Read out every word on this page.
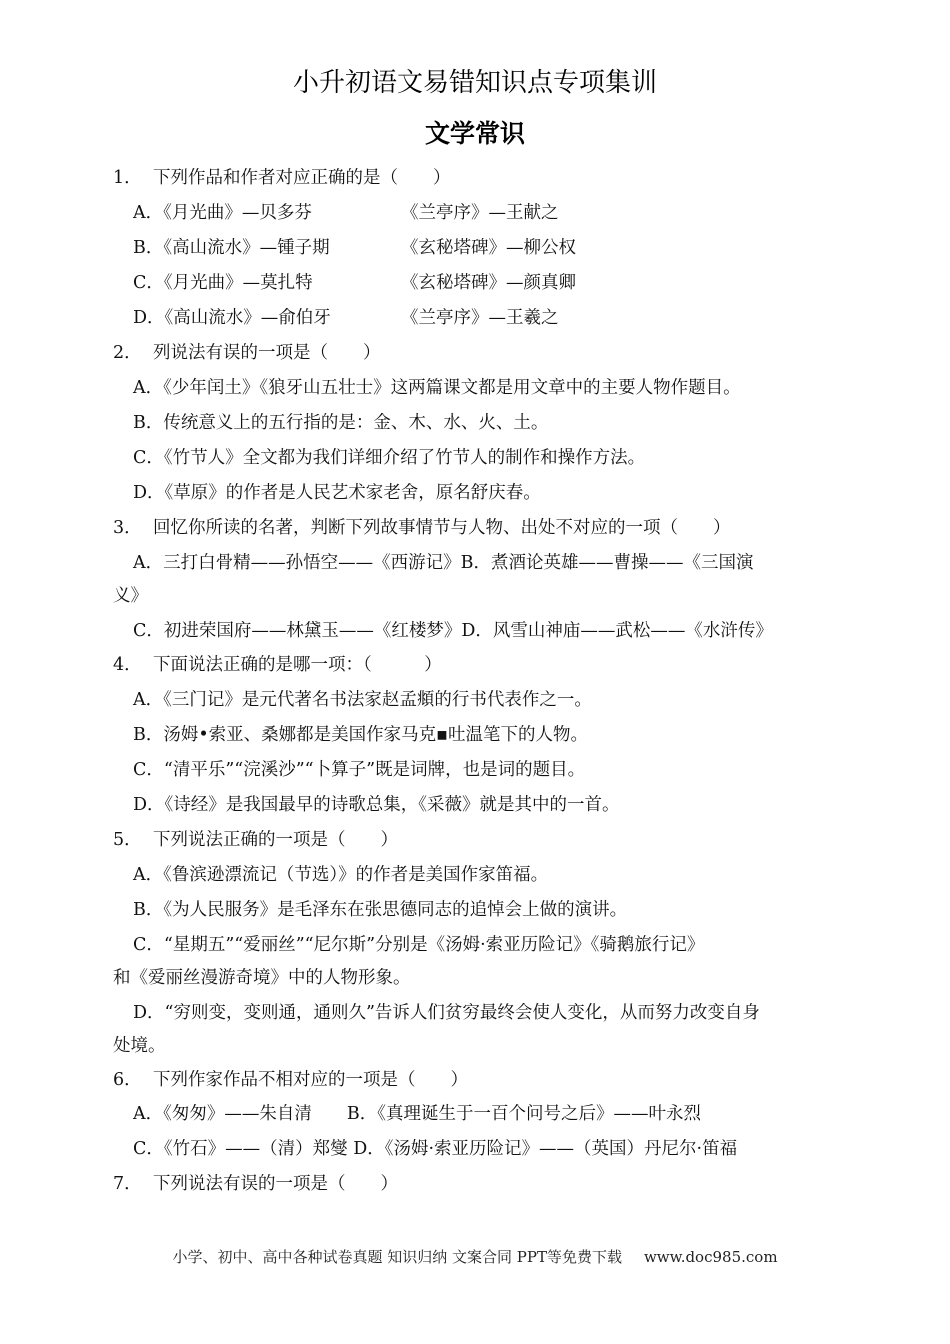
小升初语文易错知识点专项集训
文学常识
1． 下列作品和作者对应正确的是（　　）
A．《月光曲》—贝多芬	《兰亭序》—王献之
B．《高山流水》—锺子期	《玄秘塔碑》—柳公权
C．《月光曲》—莫扎特	《玄秘塔碑》—颜真卿
D．《高山流水》—俞伯牙	《兰亭序》—王羲之
2． 列说法有误的一项是（　　）
A．《少年闰土》《狼牙山五壮士》这两篇课文都是用文章中的主要人物作题目。
B．传统意义上的五行指的是：金、木、水、火、土。
C．《竹节人》全文都为我们详细介绍了竹节人的制作和操作方法。
D．《草原》的作者是人民艺术家老舍，原名舒庆春。
3． 回忆你所读的名著，判断下列故事情节与人物、出处不对应的一项（　　）
A．三打白骨精——孙悟空——《西游记》B．煮酒论英雄——曹操——《三国演
义》
C．初进荣国府——林黛玉——《红楼梦》D．风雪山神庙——武松——《水浒传》
4． 下面说法正确的是哪一项：（　　　）
A．《三门记》是元代著名书法家赵孟頫的行书代表作之一。
B．汤姆•索亚、桑娜都是美国作家马克▪吐温笔下的人物。
C．“清平乐”“浣溪沙”“卜算子”既是词牌，也是词的题目。
D．《诗经》是我国最早的诗歌总集，《采薇》就是其中的一首。
5． 下列说法正确的一项是（　　）
A．《鲁滨逊漂流记（节选）》的作者是美国作家笛福。
B．《为人民服务》是毛泽东在张思德同志的追悼会上做的演讲。
C．“星期五”“爱丽丝”“尼尔斯”分别是《汤姆·索亚历险记》《骑鹅旅行记》
和《爱丽丝漫游奇境》中的人物形象。
D．“穷则变，变则通，通则久”告诉人们贫穷最终会使人变化，从而努力改变自身
处境。
6． 下列作家作品不相对应的一项是（　　）
A．《匆匆》——朱自清　　B．《真理诞生于一百个问号之后》——叶永烈
C．《竹石》——（清）郑燮 D．《汤姆·索亚历险记》——（英国）丹尼尔·笛福
7． 下列说法有误的一项是（　　）
小学、初中、高中各种试卷真题 知识归纳 文案合同 PPT等免费下载 www.doc985.com
